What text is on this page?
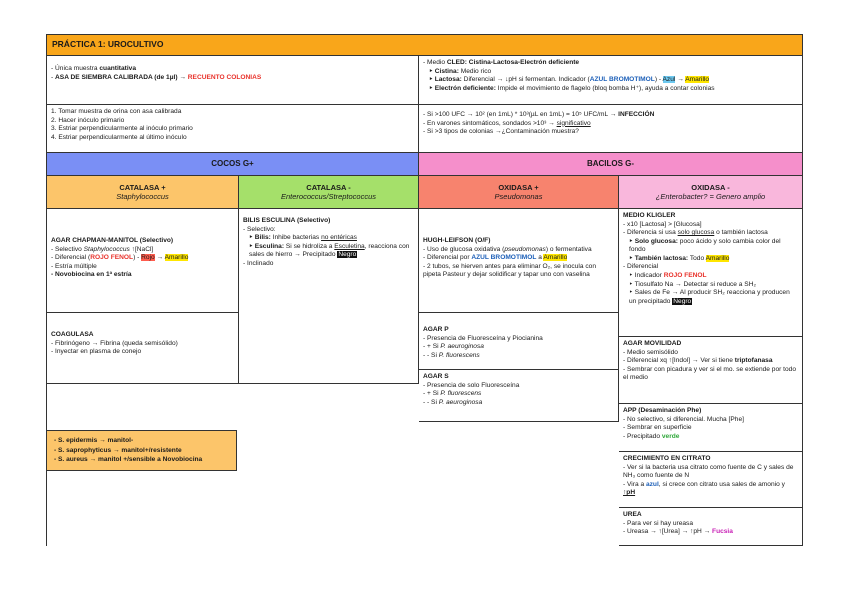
PRÁCTICA 1: UROCULTIVO
- Única muestra cuantitativa
- ASA DE SIEMBRA CALIBRADA (de 1µl) → RECUENTO COLONIAS
- Medio CLED: Cistina-Lactosa-Electrón deficiente
‣ Cistina: Medio rico
‣ Lactosa: Diferencial → ↓pH si fermentan. Indicador (AZUL BROMOTIMOL) - Azul → Amarillo
‣ Electrón deficiente: Impide el movimiento de flagelo (bloq bomba H⁺), ayuda a contar colonias
1. Tomar muestra de orina con asa calibrada
2. Hacer inóculo primario
3. Estriar perpendicularmente al inóculo primario
4. Estriar perpendicularmente al último inóculo
- Si >100 UFC → 10² (en 1mL) * 10³(µL en 1mL) = 10⁵ UFC/mL → INFECCIÓN
- En varones sintomáticos, sondados >10³ → significativo
- Si >3 tipos de colonias →¿Contaminación muestra?
COCOS G+	BACILOS G-
CATALASA +
Staphylococcus
CATALASA -
Enterococcus/Streptococcus
OXIDASA +
Pseudomonas
OXIDASA -
¿Enterobacter? = Genero amplio
AGAR CHAPMAN-MANITOL (Selectivo)
- Selectivo Staphylococcus ↑[NaCl]
- Diferencial (ROJO FENOL) - Rojo → Amarillo
- Estría múltiple
- Novobiocina en 1ª estría
COAGULASA
- Fibrinógeno → Fibrina (queda semisólido)
- Inyectar en plasma de conejo
BILIS ESCULINA (Selectivo)
- Selectivo:
‣ Bilis: Inhibe bacterias no entéricas
‣ Esculina: Si se hidroliza a Esculetina, reacciona con sales de hierro → Precipitado Negro
- Inclinado
HUGH-LEIFSON (O/F)
- Uso de glucosa oxidativa (pseudomonas) o fermentativa
- Diferencial por AZUL BROMOTIMOL a Amarillo
- 2 tubos, se hierven antes para eliminar O₂, se inocula con pipeta Pasteur y dejar solidificar y tapar uno con vaselina
AGAR P
- Presencia de Fluoresceína y Piocianina
- + Si P. aeuroginosa
- - Si P. fluorescens
AGAR S
- Presencia de solo Fluoresceína
- + Si P. fluorescens
- - Si P. aeuroginosa
MEDIO KLIGLER
- x10 [Lactosa] > [Glucosa]
- Diferencia si usa solo glucosa o también lactosa
‣ Solo glucosa: poco ácido y solo cambia color del fondo
‣ También lactosa: Todo Amarillo
- Diferencial
‣ Indicador ROJO FENOL
‣ Tiosulfato Na → Detectar si reduce a SH₂
‣ Sales de Fe → Al producir SH₂ reacciona y producen un precipitado Negro
AGAR MOVILIDAD
- Medio semisólido
- Diferencial xq ↑[Indol] → Ver si tiene triptofanasa
- Sembrar con picadura y ver si el mo. se extiende por todo el medio
APP (Desaminación Phe)
- No selectivo, si diferencial. Mucha [Phe]
- Sembrar en superficie
- Precipitado verde
CRECIMIENTO EN CITRATO
- Ver si la bacteria usa citrato como fuente de C y sales de NH₃ como fuente de N
- Vira a azul, si crece con citrato usa sales de amonio y ↑pH
UREA
- Para ver si hay ureasa
- Ureasa → ↑[Urea] → ↑pH → Fucsia
- S. epidermis → manitol-
- S. saprophyticus → manitol+/resistente
- S. aureus → manitol +/sensible a Novobiocina
